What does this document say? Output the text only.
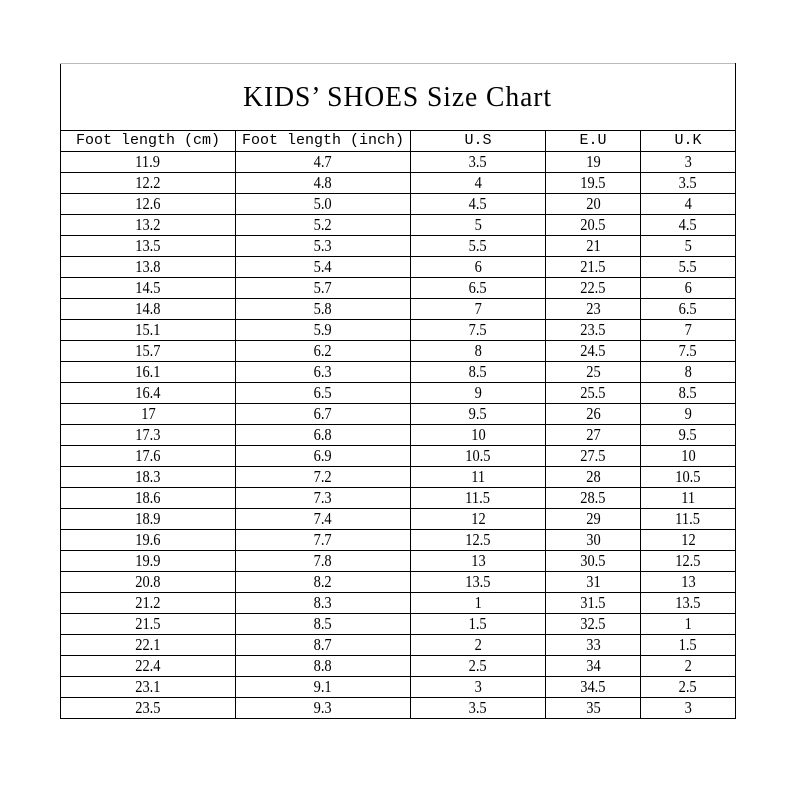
KIDS’ SHOES Size Chart				
Foot length (cm)	Foot length (inch)	U.S	E.U	U.K
11.9	4.7	3.5	19	3
12.2	4.8	4	19.5	3.5
12.6	5.0	4.5	20	4
13.2	5.2	5	20.5	4.5
13.5	5.3	5.5	21	5
13.8	5.4	6	21.5	5.5
14.5	5.7	6.5	22.5	6
14.8	5.8	7	23	6.5
15.1	5.9	7.5	23.5	7
15.7	6.2	8	24.5	7.5
16.1	6.3	8.5	25	8
16.4	6.5	9	25.5	8.5
17	6.7	9.5	26	9
17.3	6.8	10	27	9.5
17.6	6.9	10.5	27.5	10
18.3	7.2	11	28	10.5
18.6	7.3	11.5	28.5	11
18.9	7.4	12	29	11.5
19.6	7.7	12.5	30	12
19.9	7.8	13	30.5	12.5
20.8	8.2	13.5	31	13
21.2	8.3	1	31.5	13.5
21.5	8.5	1.5	32.5	1
22.1	8.7	2	33	1.5
22.4	8.8	2.5	34	2
23.1	9.1	3	34.5	2.5
23.5	9.3	3.5	35	3
